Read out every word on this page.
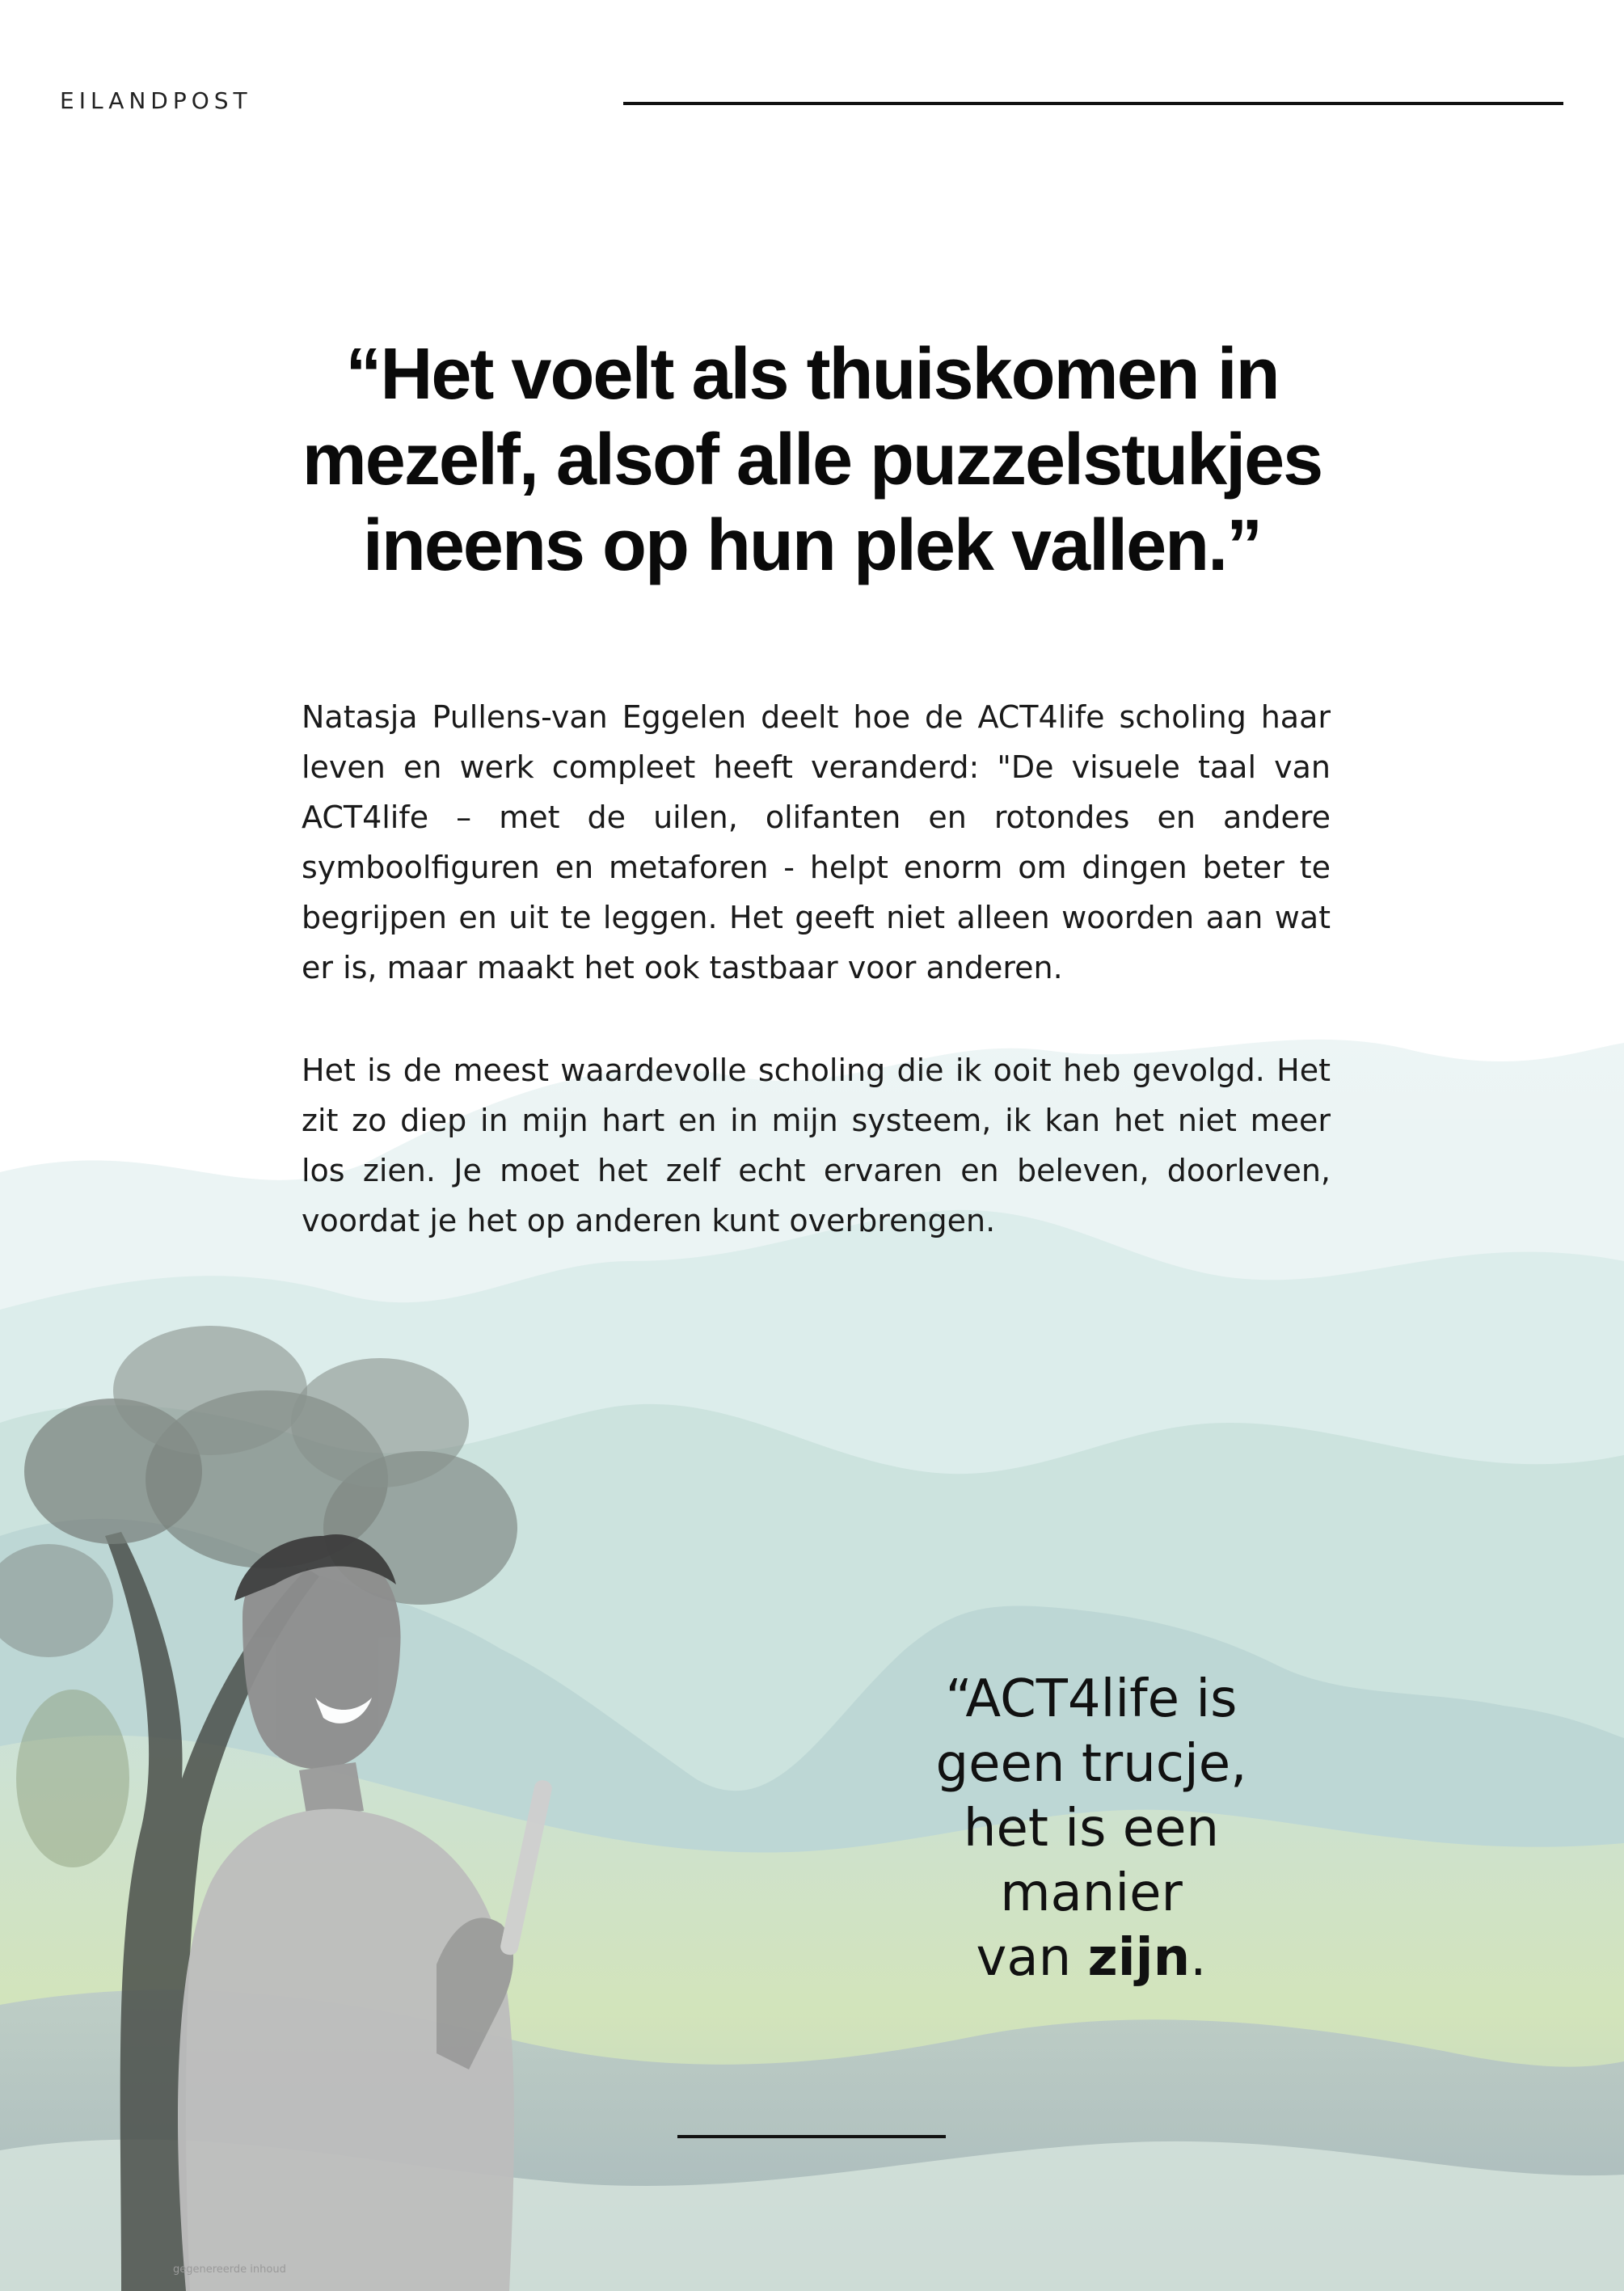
EILANDPOST
“Het voelt als thuiskomen in
mezelf, alsof alle puzzelstukjes
ineens op hun plek vallen.”

Natasja Pullens-van Eggelen deelt hoe de ACT4life scholing haar leven en werk compleet heeft veranderd: "De visuele taal van ACT4life – met de uilen, olifanten en rotondes en andere symboolfiguren en metaforen - helpt enorm om dingen beter te begrijpen en uit te leggen. Het geeft niet alleen woorden aan wat er is, maar maakt het ook tastbaar voor anderen.

Het is de meest waardevolle scholing die ik ooit heb gevolgd. Het zit zo diep in mijn hart en in mijn systeem, ik kan het niet meer los zien. Je moet het zelf echt ervaren en beleven, doorleven, voordat je het op anderen kunt overbrengen.

“ACT4life is
geen trucje,
het is een
manier
van zijn.
gegenereerde inhoud
